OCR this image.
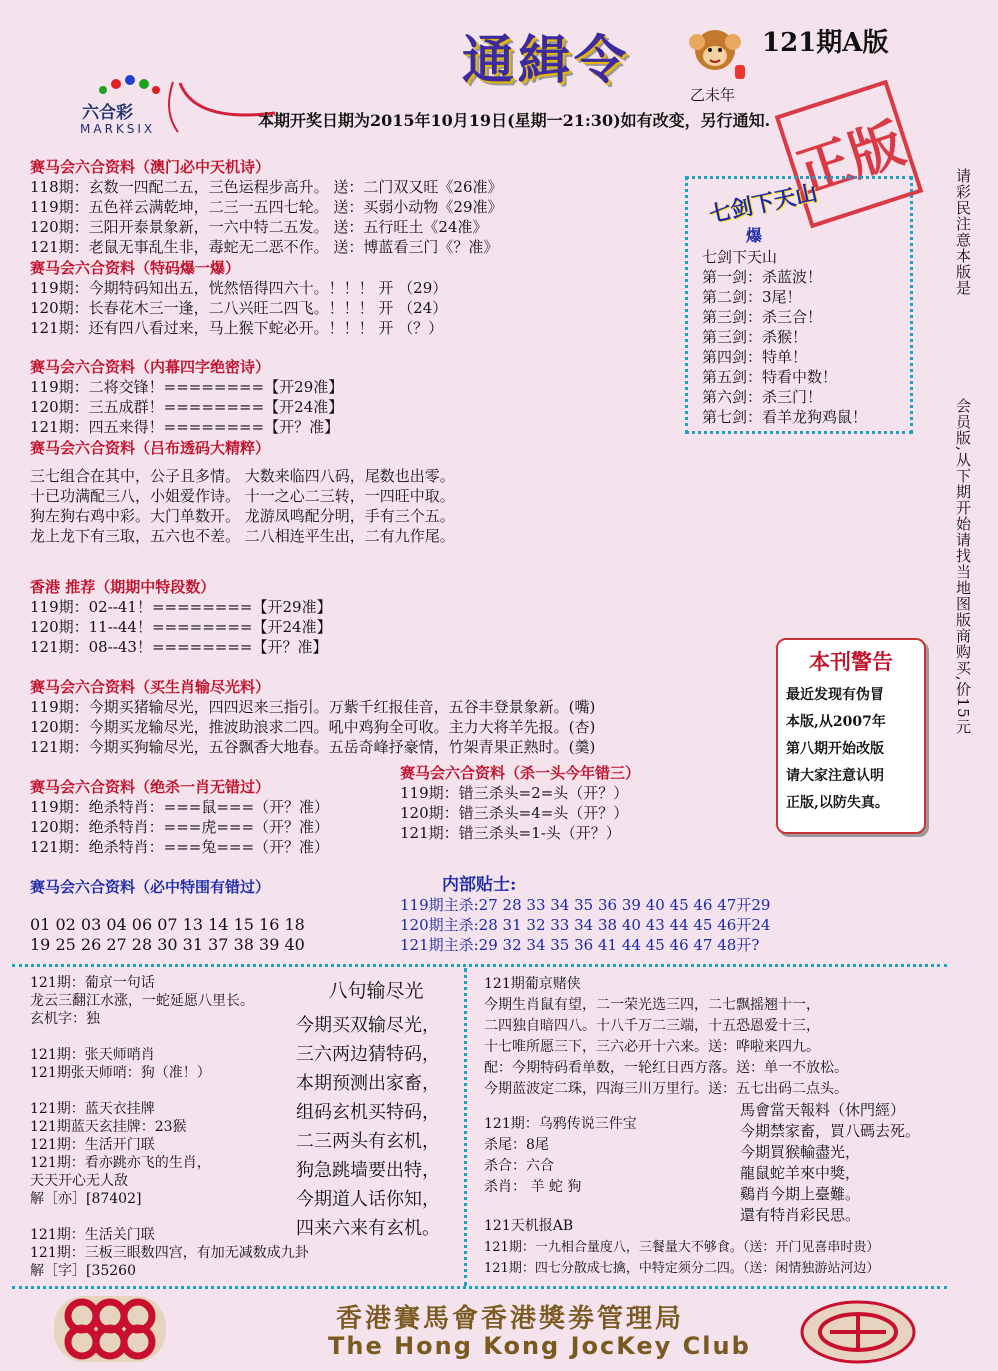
六合彩
MARKSIX
通緝令	121期A版
乙未年
本期开奖日期为2015年10月19日(星期一21:30)如有改变，另行通知. 正版
请彩民注意本版是
会员版,从下期开始请找当地图版商购买,价15元
赛马会六合资料（澳门必中天机诗）
118期：玄数一四配二五，三色运程步高升。 送：二门双又旺《26准》
119期：五色祥云满乾坤，二三一五四七轮。 送：买弱小动物《29准》
120期：三阳开泰景象新，一六中特二五发。 送：五行旺土《24准》
121期：老鼠无事乱生非，毒蛇无二恶不作。 送：博蓝看三门《？准》
赛马会六合资料（特码爆一爆）
119期：今期特码知出五，恍然悟得四六十。！！！ 开 （29）
120期：长春花木三一逢，二八兴旺二四飞。！！！ 开 （24）
121期：还有四八看过来，马上猴下蛇必开。！！！ 开 （？）
赛马会六合资料（内幕四字绝密诗）
119期：二将交锋！========【开29准】
120期：三五成群！========【开24准】
121期：四五来得！========【开？准】
赛马会六合资料（吕布透码大精粹）
三七组合在其中，公子且多情。 大数来临四八码，尾数也出零。
十已功满配三八，小姐爱作诗。 十一之心二三转，一四旺中取。
狗左狗右鸡中彩。大门单数开。 龙游凤鸣配分明，手有三个五。
龙上龙下有三取，五六也不差。 二八相连平生出，二有九作尾。
香港 推荐（期期中特段数）
119期：02--41！========【开29准】
120期：11--44！========【开24准】
121期：08--43！========【开？准】
赛马会六合资料（买生肖输尽光料）
119期：今期买猪输尽光，四四迟来三指引。万紫千红报佳音，五谷丰登景象新。(嘴)
120期：今期买龙输尽光，推波助浪求二四。吼中鸡狗全可收。主力大将羊先报。(杏)
121期：今期买狗输尽光，五谷飘香大地春。五岳奇峰抒豪情，竹架青果正熟时。(羹)
赛马会六合资料（绝杀一肖无错过）
119期：绝杀特肖：===鼠===（开？准）
120期：绝杀特肖：===虎===（开？准）
121期：绝杀特肖：===兔===（开？准）
赛马会六合资料（杀一头今年错三）
119期：错三杀头=2=头（开？）
120期：错三杀头=4=头（开？）
121期：错三杀头=1-头（开？）
赛马会六合资料（必中特围有错过）
01 02 03 04 06 07 13 14 15 16 18
19 25 26 27 28 30 31 37 38 39 40
内部贴士:
119期主杀:27 28 33 34 35 36 39 40 45 46 47开29
120期主杀:28 31 32 33 34 38 40 43 44 45 46开24
121期主杀:29 32 34 35 36 41 44 45 46 47 48开?
七剑下天山
爆
七剑下天山
第一剑：杀蓝波！
第二剑：3尾！
第三剑：杀三合！
第三剑：杀猴！
第四剑：特单！
第五剑：特看中数！
第六剑：杀三门！
第七剑：看羊龙狗鸡鼠！
本刊警告
最近发现有伪冒
本版,从2007年
第八期开始改版
请大家注意认明
正版,以防失真。
121期：葡京一句话
龙云三翻江水涨，一蛇延愿八里长。
玄机字：独
121期：张天师哨肖
121期张天师哨：狗（准！）
121期：蓝天衣挂牌
121期蓝天玄挂牌：23猴
121期：生活开门联
121期：看亦跳亦飞的生肖，
天天开心无人敌
解［亦］[87402]
121期：生活关门联
121期：三板三眼数四宫，有加无减数成九卦
解［字］[35260
八句输尽光
今期买双输尽光，
三六两边猜特码，
本期预测出家畜，
组码玄机买特码，
二三两头有玄机，
狗急跳墙要出特，
今期道人话你知，
四来六来有玄机。
121期葡京赌侠
今期生肖鼠有望，二一荣光选三四，二七飘摇翘十一，
二四独自暗四八。十八千万二三端，十五恐恩爱十三，
十七唯所愿三下，三六必开十六来。送：哗啦来四九。
配：今期特码看单数，一轮红日西方落。送：单一不放松。
今期蓝波定二珠，四海三川万里行。送：五七出码二点头。
121期：乌鸦传说三件宝
杀尾：8尾
杀合：六合
杀肖： 羊 蛇 狗
馬會當天報料（休門經）
今期禁家畜，買八碼去死。
今期買猴輸盡光，
龍鼠蛇羊來中獎，
鷄肖今期上臺難。
還有特肖彩民思。
121天机报AB
121期：一九相合量度八，三餐量大不够食。（送：开门见喜串时贵）
121期：四七分散成七擒，中特定须分二四。（送：闲情独游站河边）
香港賽馬會香港獎劵管理局
The Hong Kong JocKey Club
